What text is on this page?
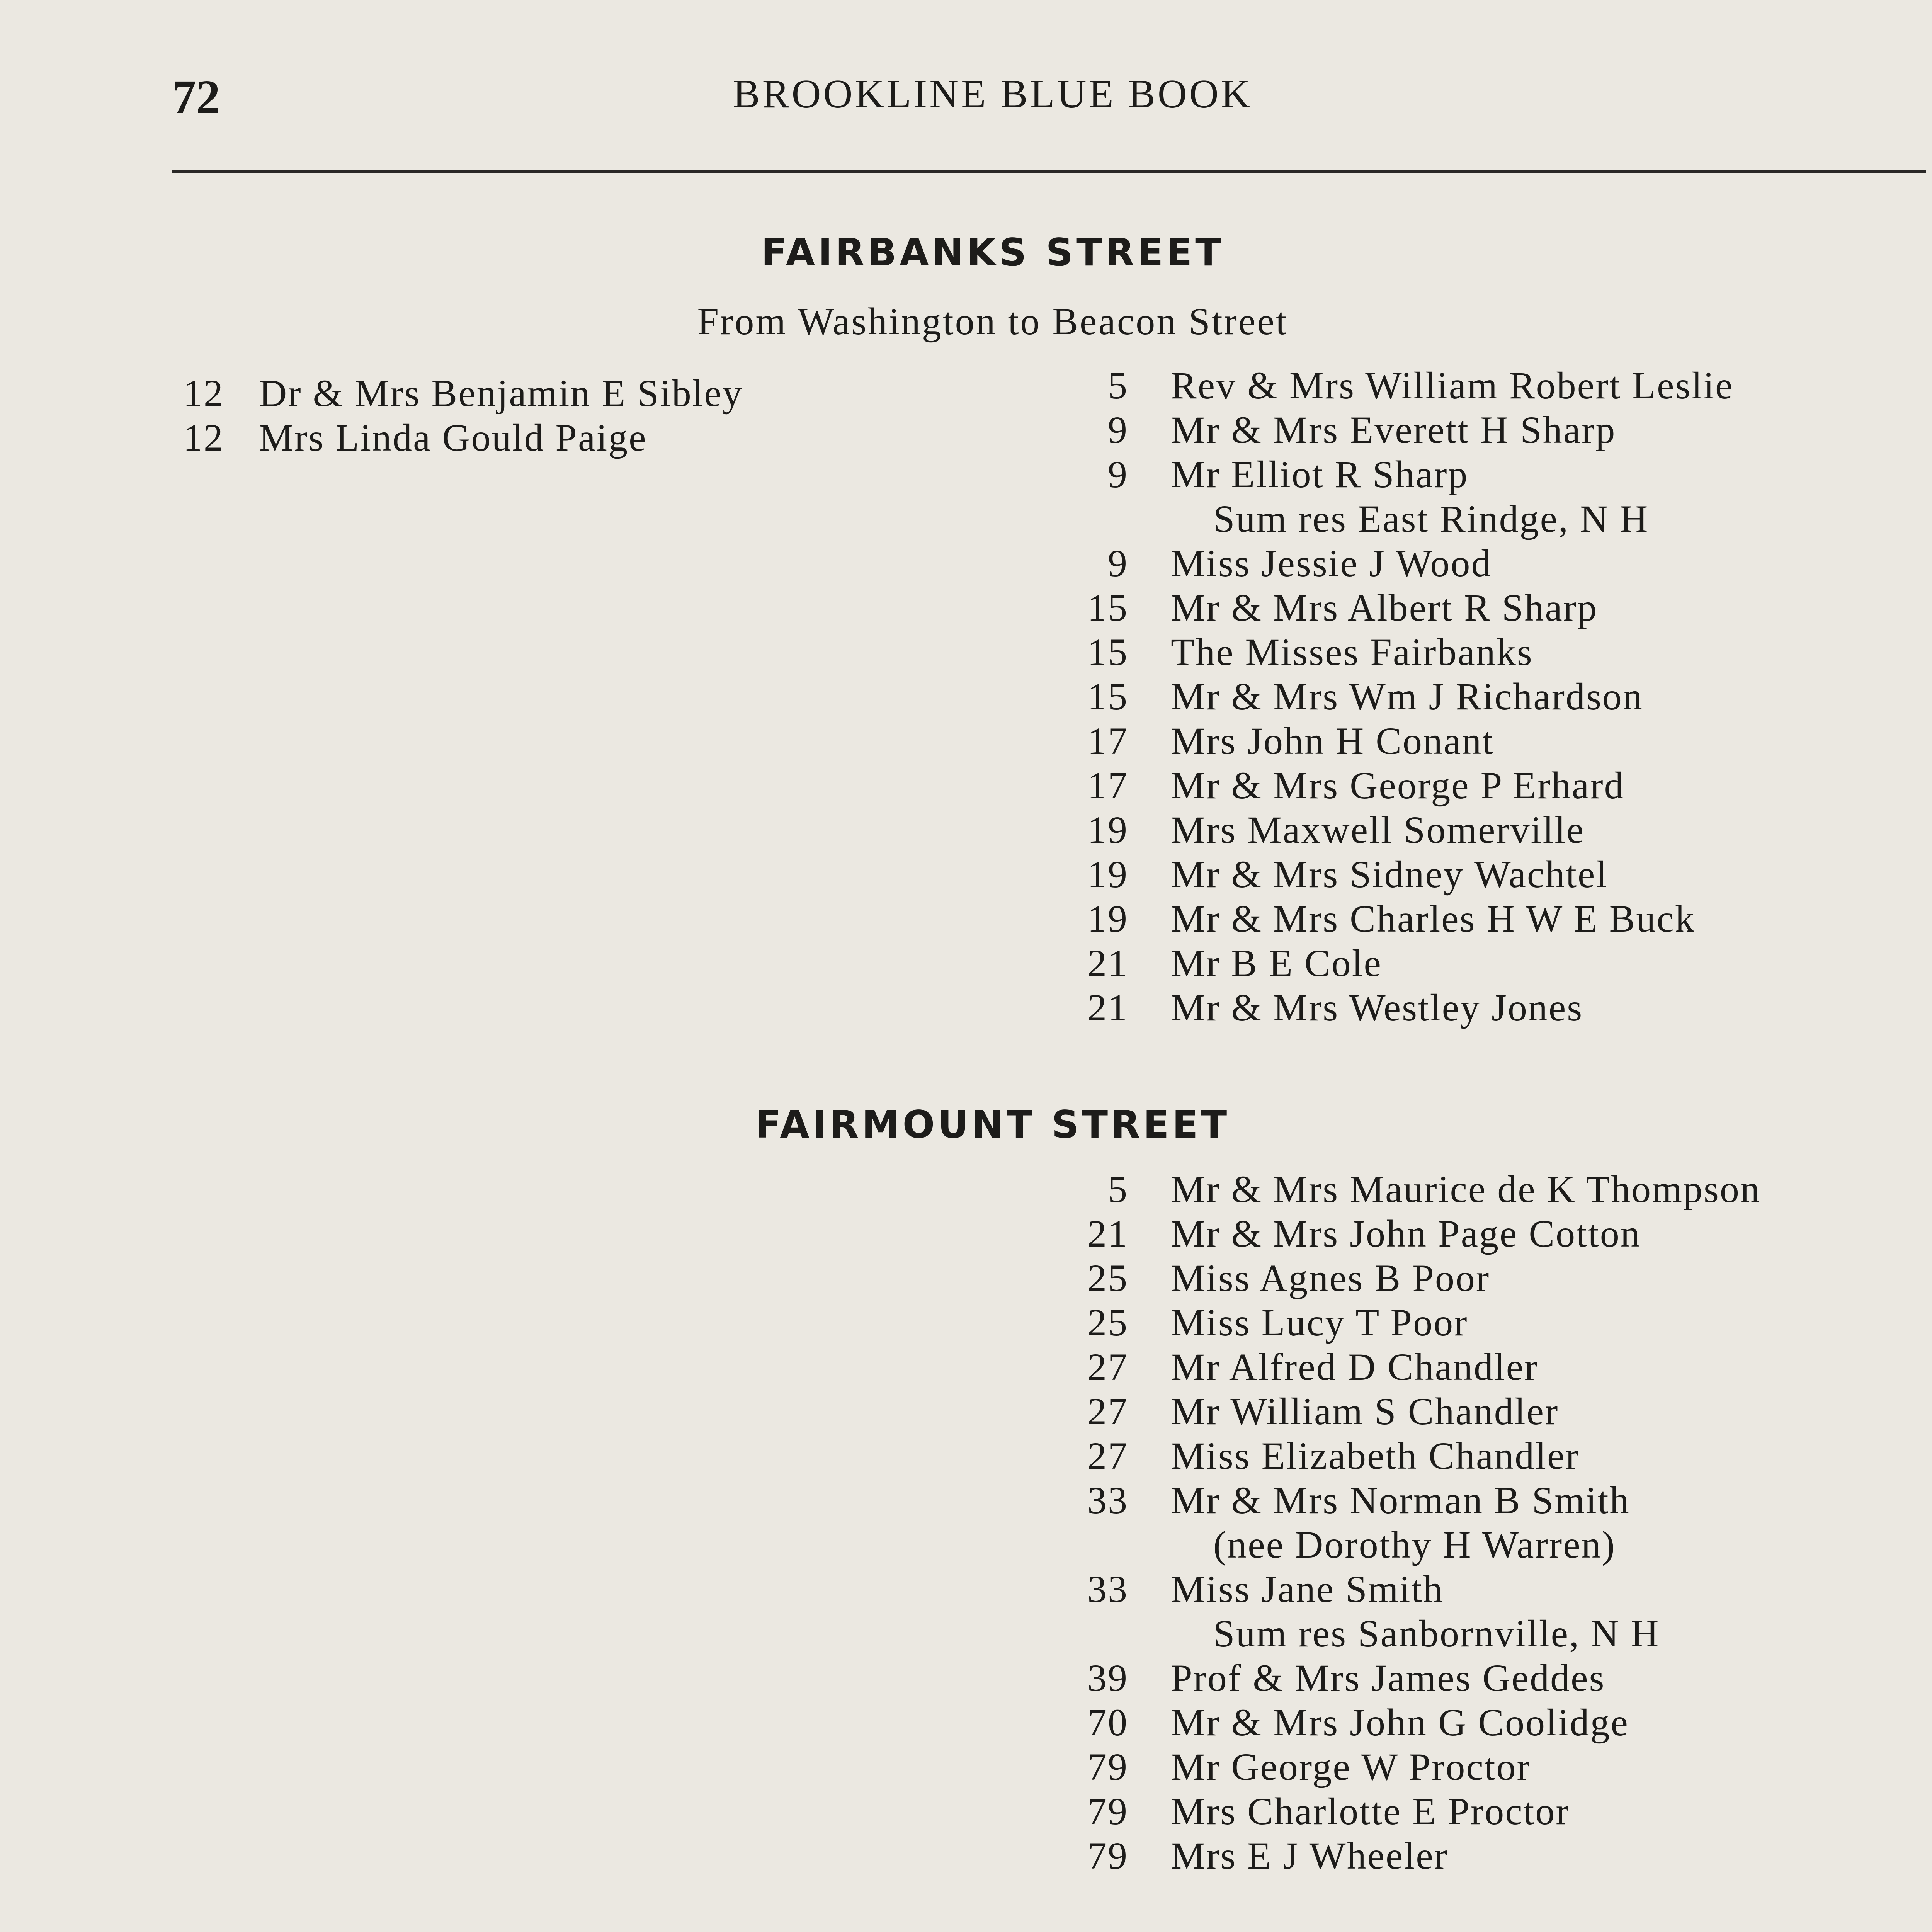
72	BROOKLINE BLUE BOOK
FAIRBANKS STREET
From Washington to Beacon Street
12 Dr & Mrs Benjamin E Sibley
12 Mrs Linda Gould Paige
5 Rev & Mrs William Robert Leslie
9 Mr & Mrs Everett H Sharp
9 Mr Elliot R Sharp
Sum res East Rindge, N H
9 Miss Jessie J Wood
15 Mr & Mrs Albert R Sharp
15 The Misses Fairbanks
15 Mr & Mrs Wm J Richardson
17 Mrs John H Conant
17 Mr & Mrs George P Erhard
19 Mrs Maxwell Somerville
19 Mr & Mrs Sidney Wachtel
19 Mr & Mrs Charles H W E Buck
21 Mr B E Cole
21 Mr & Mrs Westley Jones
FAIRMOUNT STREET
5 Mr & Mrs Maurice de K Thompson
21 Mr & Mrs John Page Cotton
25 Miss Agnes B Poor
25 Miss Lucy T Poor
27 Mr Alfred D Chandler
27 Mr William S Chandler
27 Miss Elizabeth Chandler
33 Mr & Mrs Norman B Smith
(nee Dorothy H Warren)
33 Miss Jane Smith
Sum res Sanbornville, N H
39 Prof & Mrs James Geddes
70 Mr & Mrs John G Coolidge
79 Mr George W Proctor
79 Mrs Charlotte E Proctor
79 Mrs E J Wheeler
